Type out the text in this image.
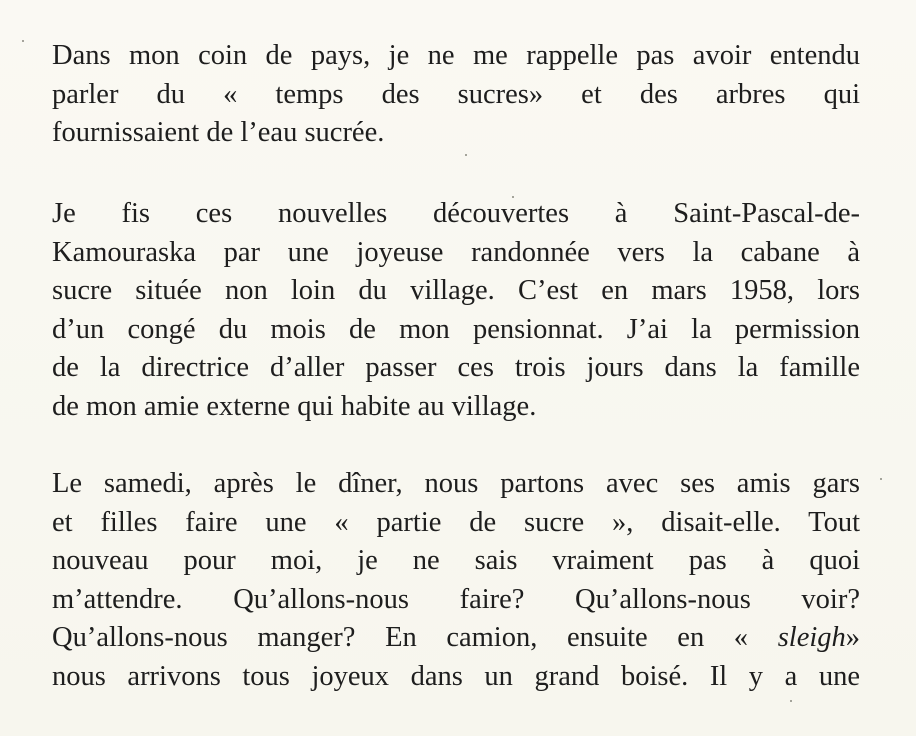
Dans mon coin de pays, je ne me rappelle pas avoir entendu
parler du « temps des sucres» et des arbres qui
fournissaient de l’eau sucrée.
Je fis ces nouvelles découvertes à Saint-Pascal-de-
Kamouraska par une joyeuse randonnée vers la cabane à
sucre située non loin du village. C’est en mars 1958, lors
d’un congé du mois de mon pensionnat. J’ai la permission
de la directrice d’aller passer ces trois jours dans la famille
de mon amie externe qui habite au village.
Le samedi, après le dîner, nous partons avec ses amis gars
et filles faire une « partie de sucre », disait-elle. Tout
nouveau pour moi, je ne sais vraiment pas à quoi
m’attendre. Qu’allons-nous faire? Qu’allons-nous voir?
Qu’allons-nous manger? En camion, ensuite en « sleigh»
nous arrivons tous joyeux dans un grand boisé. Il y a une
